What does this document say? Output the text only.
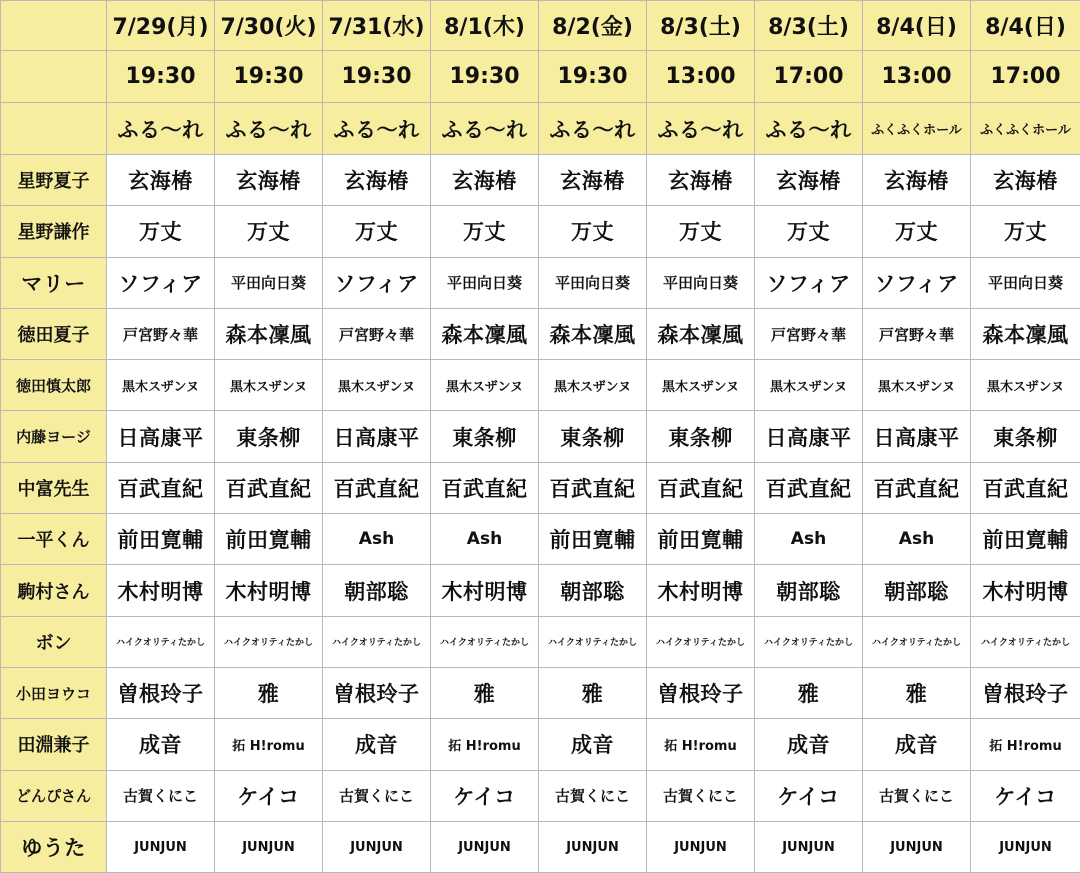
	7/29(月)	7/30(火)	7/31(水)	8/1(木)	8/2(金)	8/3(土)	8/3(土)	8/4(日)	8/4(日)
	19:30	19:30	19:30	19:30	19:30	13:00	17:00	13:00	17:00
	ふる〜れ	ふる〜れ	ふる〜れ	ふる〜れ	ふる〜れ	ふる〜れ	ふる〜れ	ふくふくホール	ふくふくホール
星野夏子	玄海椿	玄海椿	玄海椿	玄海椿	玄海椿	玄海椿	玄海椿	玄海椿	玄海椿
星野謙作	万丈	万丈	万丈	万丈	万丈	万丈	万丈	万丈	万丈
マリー	ソフィア	平田向日葵	ソフィア	平田向日葵	平田向日葵	平田向日葵	ソフィア	ソフィア	平田向日葵
徳田夏子	戸宮野々華	森本凜風	戸宮野々華	森本凜風	森本凜風	森本凜風	戸宮野々華	戸宮野々華	森本凜風
徳田慎太郎	黒木スザンヌ	黒木スザンヌ	黒木スザンヌ	黒木スザンヌ	黒木スザンヌ	黒木スザンヌ	黒木スザンヌ	黒木スザンヌ	黒木スザンヌ
内藤ヨージ	日高康平	東条柳	日高康平	東条柳	東条柳	東条柳	日高康平	日高康平	東条柳
中富先生	百武直紀	百武直紀	百武直紀	百武直紀	百武直紀	百武直紀	百武直紀	百武直紀	百武直紀
一平くん	前田寛輔	前田寛輔	Ash	Ash	前田寛輔	前田寛輔	Ash	Ash	前田寛輔
駒村さん	木村明博	木村明博	朝部聡	木村明博	朝部聡	木村明博	朝部聡	朝部聡	木村明博
ボン	ハイクオリティたかし	ハイクオリティたかし	ハイクオリティたかし	ハイクオリティたかし	ハイクオリティたかし	ハイクオリティたかし	ハイクオリティたかし	ハイクオリティたかし	ハイクオリティたかし
小田ヨウコ	曽根玲子	雅	曽根玲子	雅	雅	曽根玲子	雅	雅	曽根玲子
田淵兼子	成音	拓 H!romu	成音	拓 H!romu	成音	拓 H!romu	成音	成音	拓 H!romu
どんぴさん	古賀くにこ	ケイコ	古賀くにこ	ケイコ	古賀くにこ	古賀くにこ	ケイコ	古賀くにこ	ケイコ
ゆうた	JUNJUN	JUNJUN	JUNJUN	JUNJUN	JUNJUN	JUNJUN	JUNJUN	JUNJUN	JUNJUN
